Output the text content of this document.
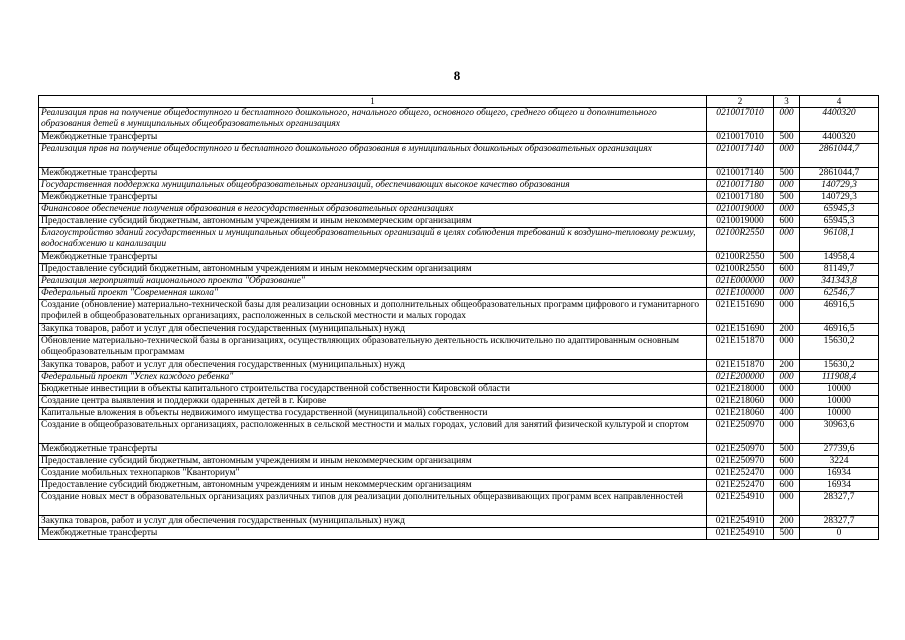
8
1	2	3	4
Реализация прав на получение общедоступного и бесплатного дошкольного, начального общего, основного общего, среднего общего и дополнительного образования детей в муниципальных общеобразовательных организациях	0210017010	000	4400320
Межбюджетные трансферты	0210017010	500	4400320
Реализация прав на получение общедоступного и бесплатного дошкольного образования в муниципальных дошкольных образовательных организациях	0210017140	000	2861044,7
Межбюджетные трансферты	0210017140	500	2861044,7
Государственная поддержка муниципальных общеобразовательных организаций, обеспечивающих высокое качество образования	0210017180	000	140729,3
Межбюджетные трансферты	0210017180	500	140729,3
Финансовое обеспечение получения образования в негосударственных образовательных организациях	0210019000	000	65945,3
Предоставление субсидий бюджетным, автономным учреждениям и иным некоммерческим организациям	0210019000	600	65945,3
Благоустройство зданий государственных и муниципальных общеобразовательных организаций в целях соблюдения требований к воздушно-тепловому режиму, водоснабжению и канализации	02100R2550	000	96108,1
Межбюджетные трансферты	02100R2550	500	14958,4
Предоставление субсидий бюджетным, автономным учреждениям и иным некоммерческим организациям	02100R2550	600	81149,7
Реализация мероприятий национального проекта "Образование"	021E000000	000	341343,8
Федеральный проект "Современная школа"	021E100000	000	62546,7
Создание (обновление) материально-технической базы для реализации основных и дополнительных общеобразовательных программ цифрового и гуманитарного профилей в общеобразовательных организациях, расположенных в сельской местности и малых городах	021E151690	000	46916,5
Закупка товаров, работ и услуг для обеспечения государственных (муниципальных) нужд	021E151690	200	46916,5
Обновление материально-технической базы в организациях, осуществляющих образовательную деятельность исключительно по адаптированным основным общеобразовательным программам	021E151870	000	15630,2
Закупка товаров, работ и услуг для обеспечения государственных (муниципальных) нужд	021E151870	200	15630,2
Федеральный проект "Успех каждого ребенка"	021E200000	000	111908,4
Бюджетные инвестиции в объекты капитального строительства государственной собственности Кировской области	021E218000	000	10000
Создание центра выявления и поддержки одаренных детей в г. Кирове	021E218060	000	10000
Капитальные вложения в объекты недвижимого имущества государственной (муниципальной) собственности	021E218060	400	10000
Создание в общеобразовательных организациях, расположенных в сельской местности и малых городах, условий для занятий физической культурой и спортом	021E250970	000	30963,6
Межбюджетные трансферты	021E250970	500	27739,6
Предоставление субсидий бюджетным, автономным учреждениям и иным некоммерческим организациям	021E250970	600	3224
Создание мобильных технопарков "Кванториум"	021E252470	000	16934
Предоставление субсидий бюджетным, автономным учреждениям и иным некоммерческим организациям	021E252470	600	16934
Создание новых мест в образовательных организациях различных типов для реализации дополнительных общеразвивающих программ всех направленностей	021E254910	000	28327,7
Закупка товаров, работ и услуг для обеспечения государственных (муниципальных) нужд	021E254910	200	28327,7
Межбюджетные трансферты	021E254910	500	0
